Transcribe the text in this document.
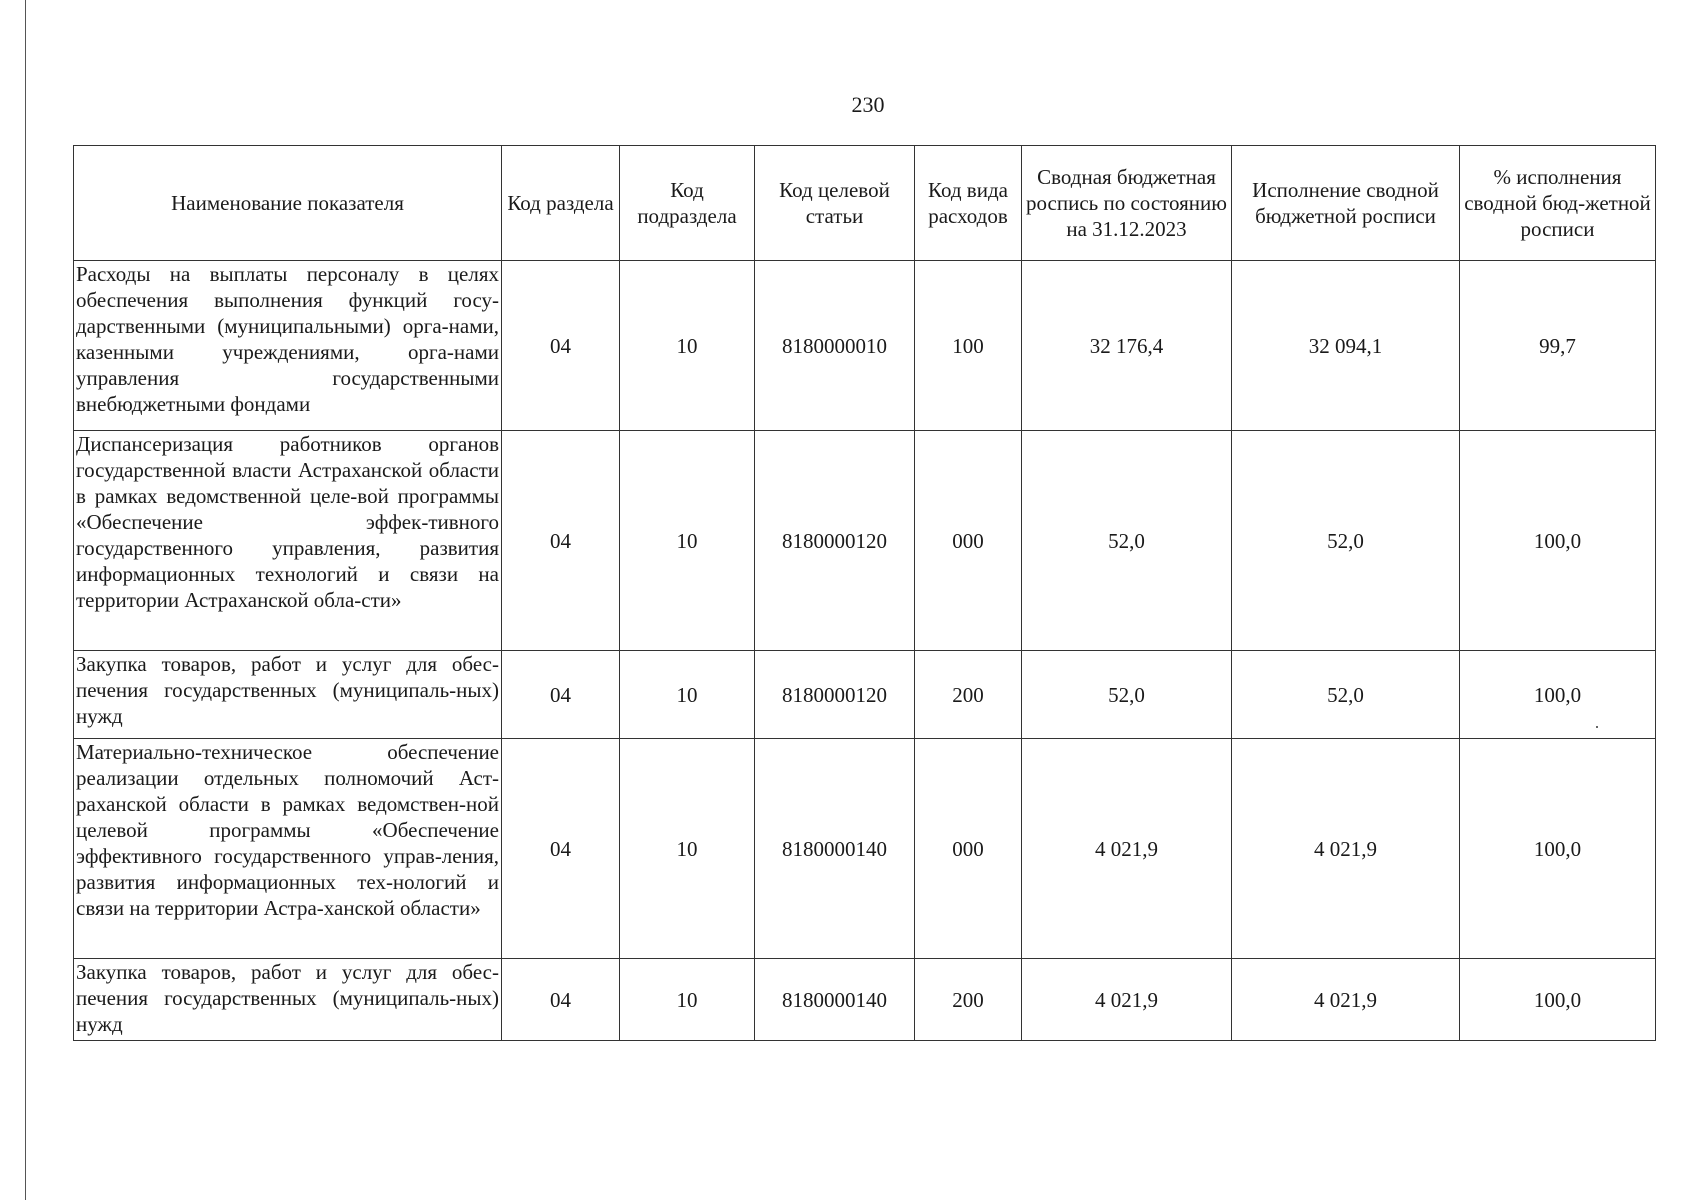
230
Наименование показателя	Код раздела	Код подраздела	Код целевой статьи	Код вида расходов	Сводная бюджетная роспись по состоянию на 31.12.2023	Исполнение сводной бюджетной росписи	% исполнения сводной бюд-жетной росписи
Расходы на выплаты персоналу в целях обеспечения выполнения функций госу-дарственными (муниципальными) орга-нами, казенными учреждениями, орга-нами управления государственными внебюджетными фондами	04	10	8180000010	100	32 176,4	32 094,1	99,7
Диспансеризация работников органов государственной власти Астраханской области в рамках ведомственной целе-вой программы «Обеспечение эффек-тивного государственного управления, развития информационных технологий и связи на территории Астраханской обла-сти»	04	10	8180000120	000	52,0	52,0	100,0
Закупка товаров, работ и услуг для обес-печения государственных (муниципаль-ных) нужд	04	10	8180000120	200	52,0	52,0	100,0
Материально-техническое обеспечение реализации отдельных полномочий Аст-раханской области в рамках ведомствен-ной целевой программы «Обеспечение эффективного государственного управ-ления, развития информационных тех-нологий и связи на территории Астра-ханской области»	04	10	8180000140	000	4 021,9	4 021,9	100,0
Закупка товаров, работ и услуг для обес-печения государственных (муниципаль-ных) нужд	04	10	8180000140	200	4 021,9	4 021,9	100,0
